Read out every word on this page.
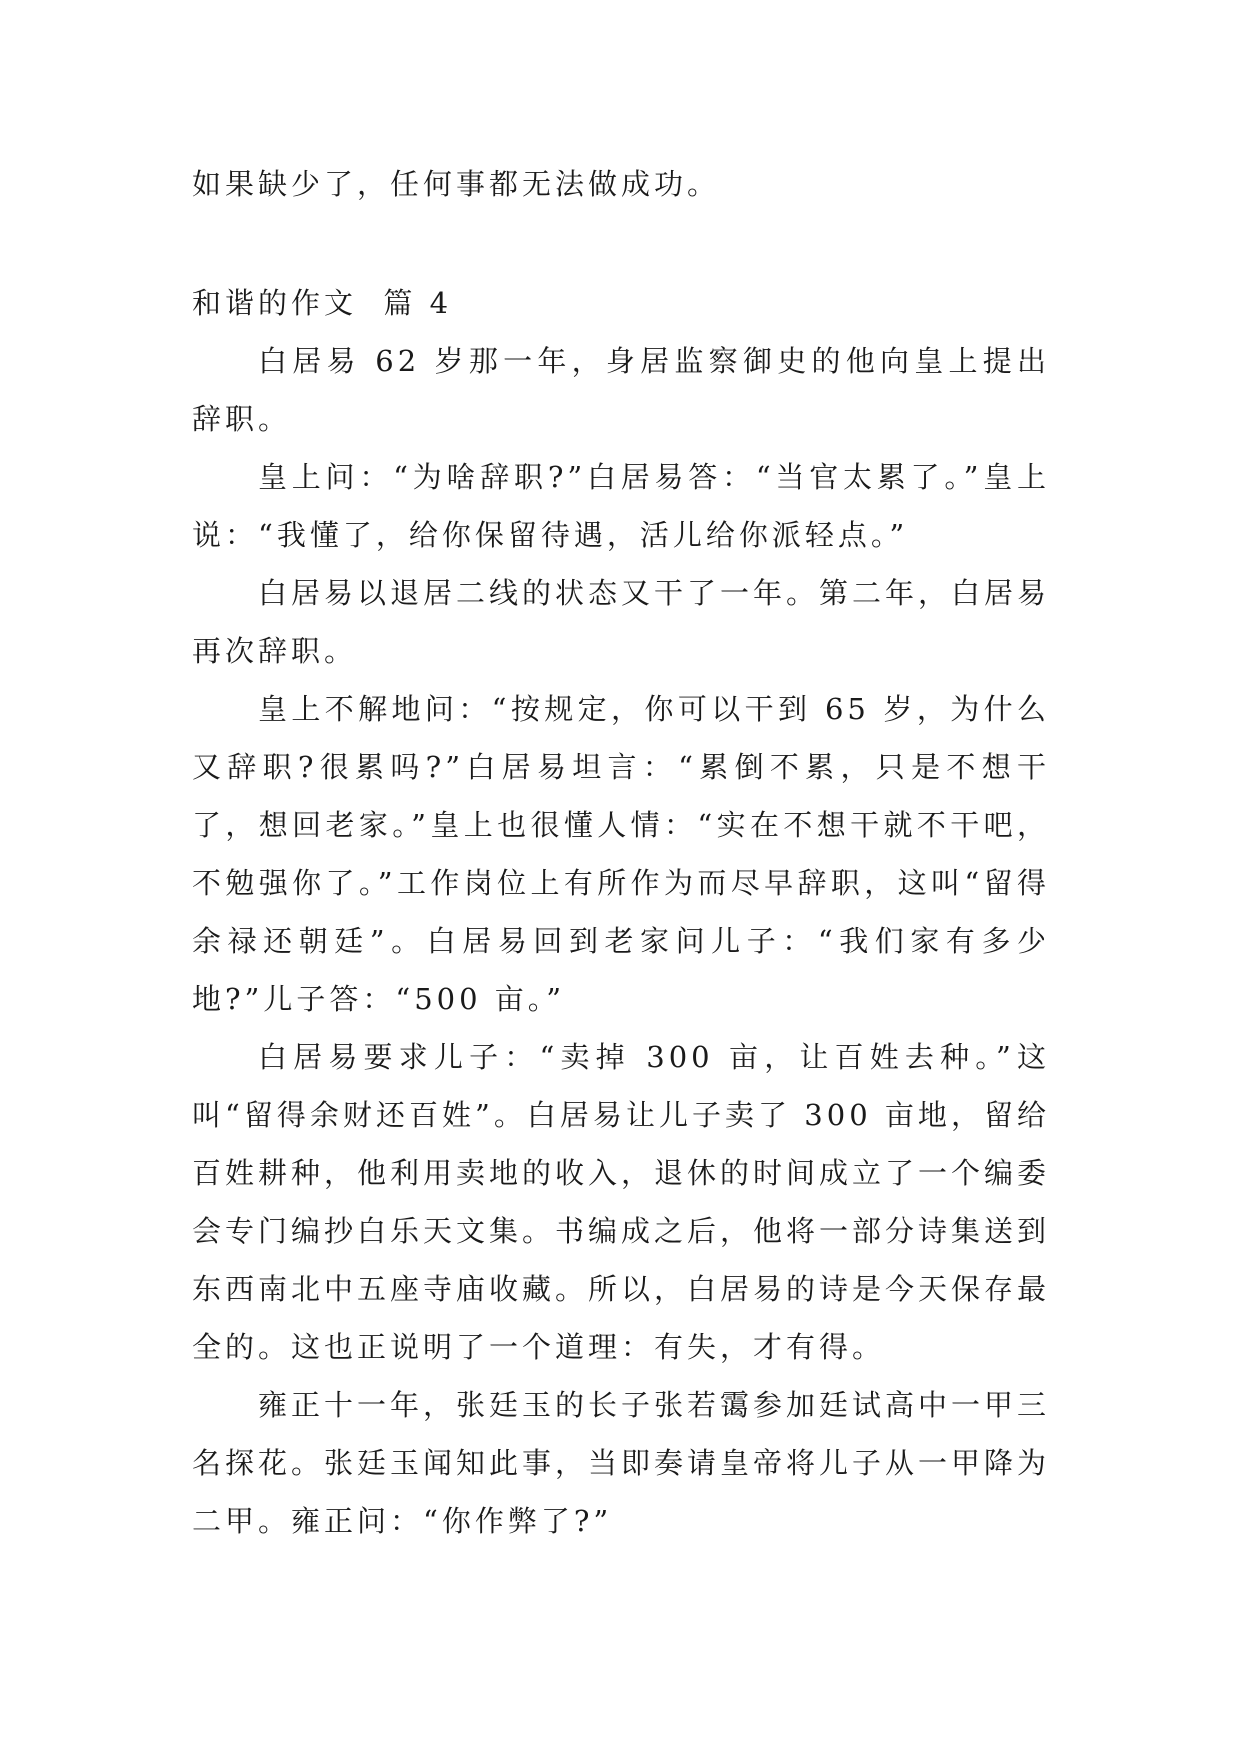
如果缺少了，任何事都无法做成功。
和谐的作文  篇 4

白居易 62 岁那一年，身居监察御史的他向皇上提出辞职。

皇上问：“为啥辞职?”白居易答：“当官太累了。”皇上说：“我懂了，给你保留待遇，活儿给你派轻点。”

白居易以退居二线的状态又干了一年。第二年，白居易再次辞职。

皇上不解地问：“按规定，你可以干到 65 岁，为什么又辞职?很累吗?”白居易坦言：“累倒不累，只是不想干了，想回老家。”皇上也很懂人情：“实在不想干就不干吧，不勉强你了。”工作岗位上有所作为而尽早辞职，这叫“留得余禄还朝廷”。白居易回到老家问儿子：“我们家有多少地?”儿子答：“500 亩。”

白居易要求儿子：“卖掉 300 亩，让百姓去种。”这叫“留得余财还百姓”。白居易让儿子卖了 300 亩地，留给百姓耕种，他利用卖地的收入，退休的时间成立了一个编委会专门编抄白乐天文集。书编成之后，他将一部分诗集送到东西南北中五座寺庙收藏。所以，白居易的诗是今天保存最全的。这也正说明了一个道理：有失，才有得。

雍正十一年，张廷玉的长子张若霭参加廷试高中一甲三名探花。张廷玉闻知此事，当即奏请皇帝将儿子从一甲降为二甲。雍正问：“你作弊了?”
